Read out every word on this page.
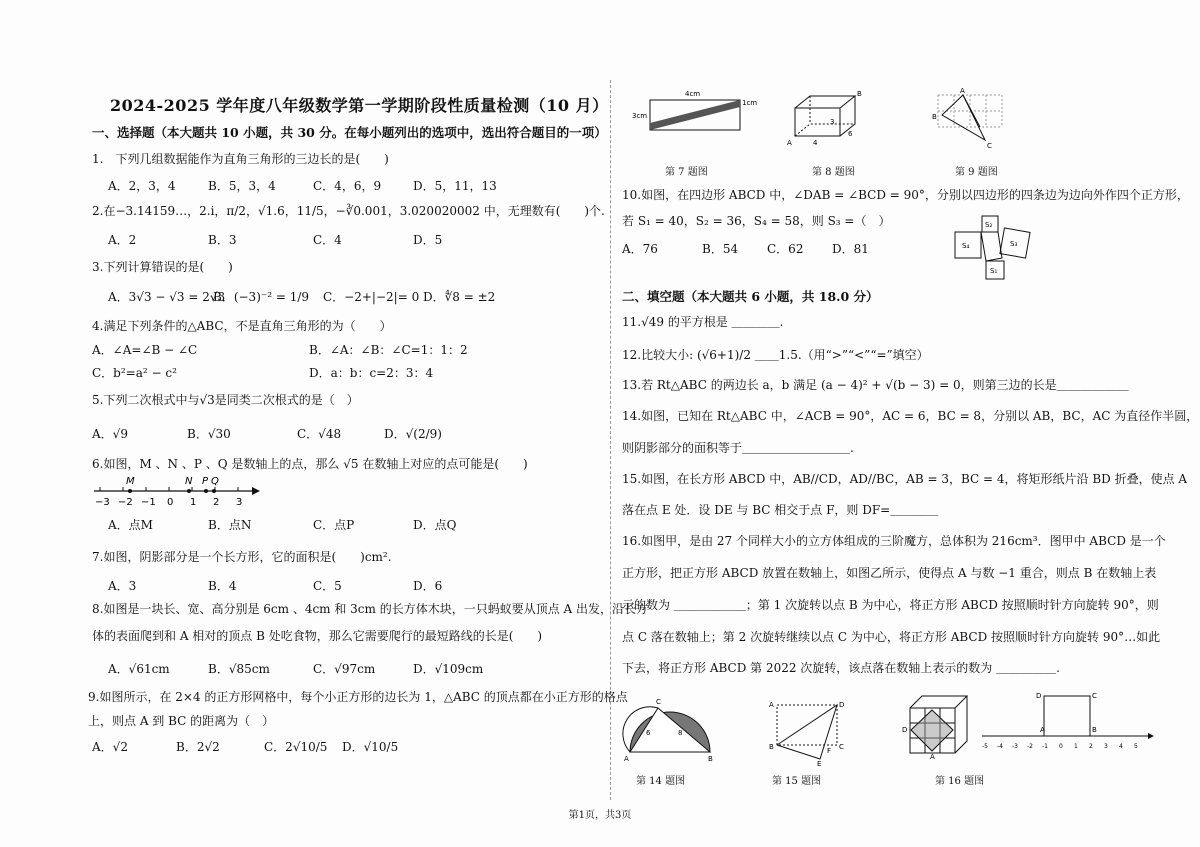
2024-2025 学年度八年级数学第一学期阶段性质量检测（10 月）
一、选择题（本大题共 10 小题，共 30 分。在每小题列出的选项中，选出符合题目的一项）
1.　下列几组数据能作为直角三角形的三边长的是(　　)
A．2，3，4	B．5，3，4	C．4，6，9	D．5，11，13
2.在−3.14159…，2.i，π/2，√1.6，11/5，−∛0.001，3.020020002 中，无理数有(　　)个.
A．2	B．3	C．4	D．5
3.下列计算错误的是(　　)
A．3√3 − √3 = 2√3B．(−3)⁻² = 1/9 C．−2+|−2|= 0 D．∜8 = ±2
4.满足下列条件的△ABC，不是直角三角形的为（　　）
A．∠A=∠B − ∠C	B．∠A：∠B：∠C=1：1：2
C．b²=a² − c²	D．a：b：c=2：3：4
5.下列二次根式中与√3是同类二次根式的是（　）
A．√9	B．√30	C．√48	D．√(2/9)
6.如图，M 、N 、P 、Q 是数轴上的点，那么 √5 在数轴上对应的点可能是(　　)
−3 −2 −1 0 1 2 3
M	N P Q
A．点M	B．点N	C．点P	D．点Q
7.如图，阴影部分是一个长方形，它的面积是(　　)cm².
A．3	B．4	C．5	D．6
8.如图是一块长、宽、高分别是 6cm 、4cm 和 3cm 的长方体木块，一只蚂蚁要从顶点 A 出发，沿长方
体的表面爬到和 A 相对的顶点 B 处吃食物，那么它需要爬行的最短路线的长是(　　)
A．√61cm	B．√85cm	C．√97cm	D．√109cm
9.如图所示，在 2×4 的正方形网格中，每个小正方形的边长为 1，△ABC 的顶点都在小正方形的格点
上，则点 A 到 BC 的距离为（　）
A．√2	B．2√2	C．2√10/5 D．√10/5
4cm
3cm
1cm
A
B
4
3
6
A
B
C
第 7 题图	第 8 题图	第 9 题图
10.如图，在四边形 ABCD 中，∠DAB = ∠BCD = 90°，分别以四边形的四条边为边向外作四个正方形，
若 S₁ = 40，S₂ = 36，S₄ = 58，则 S₃ =（　）
A．76	B．54 C．62 D．81
S₂
S₄	S₃
S₁
二、填空题（本大题共 6 小题，共 18.0 分）
11.√49 的平方根是 ＿＿＿＿.
12.比较大小: (√6+1)/2 ＿＿1.5.（用“>”“<”“=”填空）
13.若 Rt△ABC 的两边长 a，b 满足 (a − 4)² + √(b − 3) = 0，则第三边的长是＿＿＿＿＿＿
14.如图，已知在 Rt△ABC 中，∠ACB = 90°，AC = 6，BC = 8，分别以 AB，BC，AC 为直径作半圆，
则阴影部分的面积等于＿＿＿＿＿＿＿＿＿.
15.如图，在长方形 ABCD 中，AB//CD，AD//BC，AB = 3，BC = 4，将矩形纸片沿 BD 折叠，使点 A
落在点 E 处．设 DE 与 BC 相交于点 F，则 DF=＿＿＿＿
16.如图甲，是由 27 个同样大小的立方体组成的三阶魔方，总体积为 216cm³．图甲中 ABCD 是一个
正方形，把正方形 ABCD 放置在数轴上，如图乙所示，使得点 A 与数 −1 重合，则点 B 在数轴上表
示的数为 ＿＿＿＿＿＿；第 1 次旋转以点 B 为中心，将正方形 ABCD 按照顺时针方向旋转 90°，则
点 C 落在数轴上；第 2 次旋转继续以点 C 为中心，将正方形 ABCD 按照顺时针方向旋转 90°…如此
下去，将正方形 ABCD 第 2022 次旋转，该点落在数轴上表示的数为 ＿＿＿＿＿.
A	B
C
6	8
A	D
B	C
E
F
D
A
D	C
A	B
-5 -4 -3 -2 -1 0 1 2 3 4 5
第 14 题图	第 15 题图	第 16 题图
第1页，共3页
